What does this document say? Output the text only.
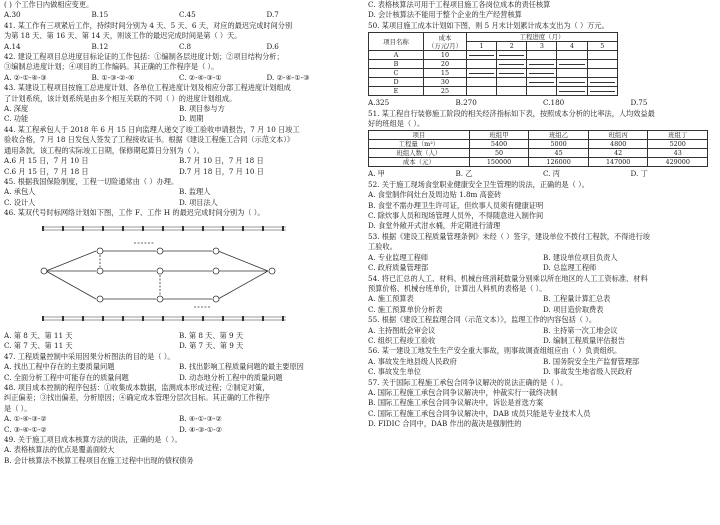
( ) 个工作日内做相应变更。

A.30	B.15	C.45	D.7

41. 某工作有三项紧后工作，持续时间分别为 4 天、5 天、6 天，对应的最迟完成时间分别

为第 18 天、第 16 天、第 14 天，则该工作的最迟完成时间是第（ ）天。

A.14	B.12	C.8	D.6

42. 建设工程项目总进度目标论证的工作包括：①编制各层进度计划；②项目结构分析；

③编制总进度计划；④项目的工作编码。其正确的工作程序是（ ）。

A. ②-①-④-③	B. ①-③-②-④	C. ②-④-③-①	D. ②-④-①-③

43. 某建设工程项目按施工总进度计划、各单位工程进度计划及相应分部工程进度计划组成

了计划系统，该计划系统是由多个相互关联的不同（ ）的进度计划组成。

A. 深度	B. 项目参与方
C. 功能	D. 周期

44. 某工程承包人于 2018 年 6 月 15 日向监理人递交了竣工验收申请报告，7 月 10 日竣工

验收合格，7 月 18 日发包人签发了工程接收证书。根据《建设工程施工合同（示范文本）》

通用条款，该工程的实际竣工日期，保修期起算日分别为（ ）。

A.6 月 15 日，7 月 10 日	B.7 月 10 日，7 月 18 日
C.6 月 15 日，7 月 18 日	D.7 月 18 日，7 月 10 日

45. 根据我国保险制度，工程一切险通常由（ ）办理。

A. 承包人	B. 监理人
C. 设计人	D. 项目法人

46. 某双代号时标网络计划如下图，工作 F、工作 H 的最迟完成时间分别为（ ）。

A. 第 8 天、第 11 天	B. 第 8 天、第 9 天
C. 第 7 天、第 11 天	D. 第 7 天、第 9 天

47. 工程质量控制中采用因果分析图法的目的是（ ）。

A. 找出工程中存在的主要质量问题	B. 找出影响工程质量问题的最主要原因
C. 全面分析工程中可能存在的质量问题	D. 动态地分析工程中的质量问题

48. 项目成本控制的程序包括：①收集成本数据，监测成本形成过程；②制定对策，

纠正偏差；③找出偏差，分析原因；④确定成本管理分层次目标。其正确的工作程序

是（ ）。

A. ①-④-③-②	B. ④-①-③-②
C. ③-④-①-②	D. ④-③-①-②

49. 关于施工项目成本核算方法的说法，正确的是（ ）。

A. 表格核算法的优点是覆盖面较大
B. 会计核算法不核算工程项目在施工过程中出现的债权债务
C. 表格核算法可用于工程项目施工各岗位成本的责任核算
D. 会计核算法不能用于整个企业的生产经营核算

50. 某项目施工成本计划如下图，则 5 月末计划累计成本支出为（ ）万元。

项目名称	成本
（万元/月）	工程进度（月）				
		1	2	3	4	5
A	10	

B	20		

C	15	

D	30			

E	25				

A.325	B.270	C.180	D.75

51. 某工程自行装修施工阶段的相关经济指标如下表，按照成本分析的比率法，人均效益最

好的班组是（ ）。

项目	班组甲	班组乙	班组丙	班组丁
工程量（m²）	5400	5000	4800	5200
班组人数（人）	50	45	42	43
成本（元）	150000	126000	147000	429000
A. 甲	B. 乙	C. 丙	D. 丁

52. 关于施工现场食堂职业健康安全卫生管理的说法，正确的是（ ）。

A. 食堂制作间灶台及周边贴 1.8m 高瓷砖
B. 食堂不需办理卫生许可证，但炊事人员须有健康证明
C. 除炊事人员和现场管理人员外，不得随意进入制作间
D. 食堂外敞开式泔水桶，并定期进行清理

53. 根据《建设工程质量管理条例》未经（ ）签字，建设单位不拨付工程款，不得进行竣

工验收。

A. 专业监理工程师	B. 建设单位项目负责人
C. 政府质量管理部	D. 总监理工程师

54. 将已汇总的人工、材料、机械台班消耗数量分别乘以所在地区的人工工资标准、材料

预算价格、机械台班单价，计算出人料机的表格是（ ）。

A. 施工预算表	B. 工程量计算汇总表
C. 施工预算单价分析表	D. 项目造价取费表

55. 根据《建设工程监理合同（示范文本）》，监理工作的内容包括（ ）。

A. 主持图纸会审会议	B. 主持第一次工地会议
C. 组织工程竣工验收	D. 编制工程质量评估报告

56. 某一建设工地发生生产安全重大事故，则事故调查组组应由（ ）负责组织。

A. 事故发生地县级人民政府	B. 国务院安全生产监督管理部
C. 事故发生单位	D. 事故发生地省级人民政府

57. 关于国际工程施工承包合同争议解决的说法正确的是（ ）。

A. 国际工程施工承包合同争议解决中，仲裁实行一裁终决制
B. 国际工程施工承包合同争议解决中，诉讼是首选方案
C. 国际工程施工承包合同争议解决中，DAB 成员只能是专业技术人员
D. FIDIC 合同中，DAB 作出的裁决是强制性的
